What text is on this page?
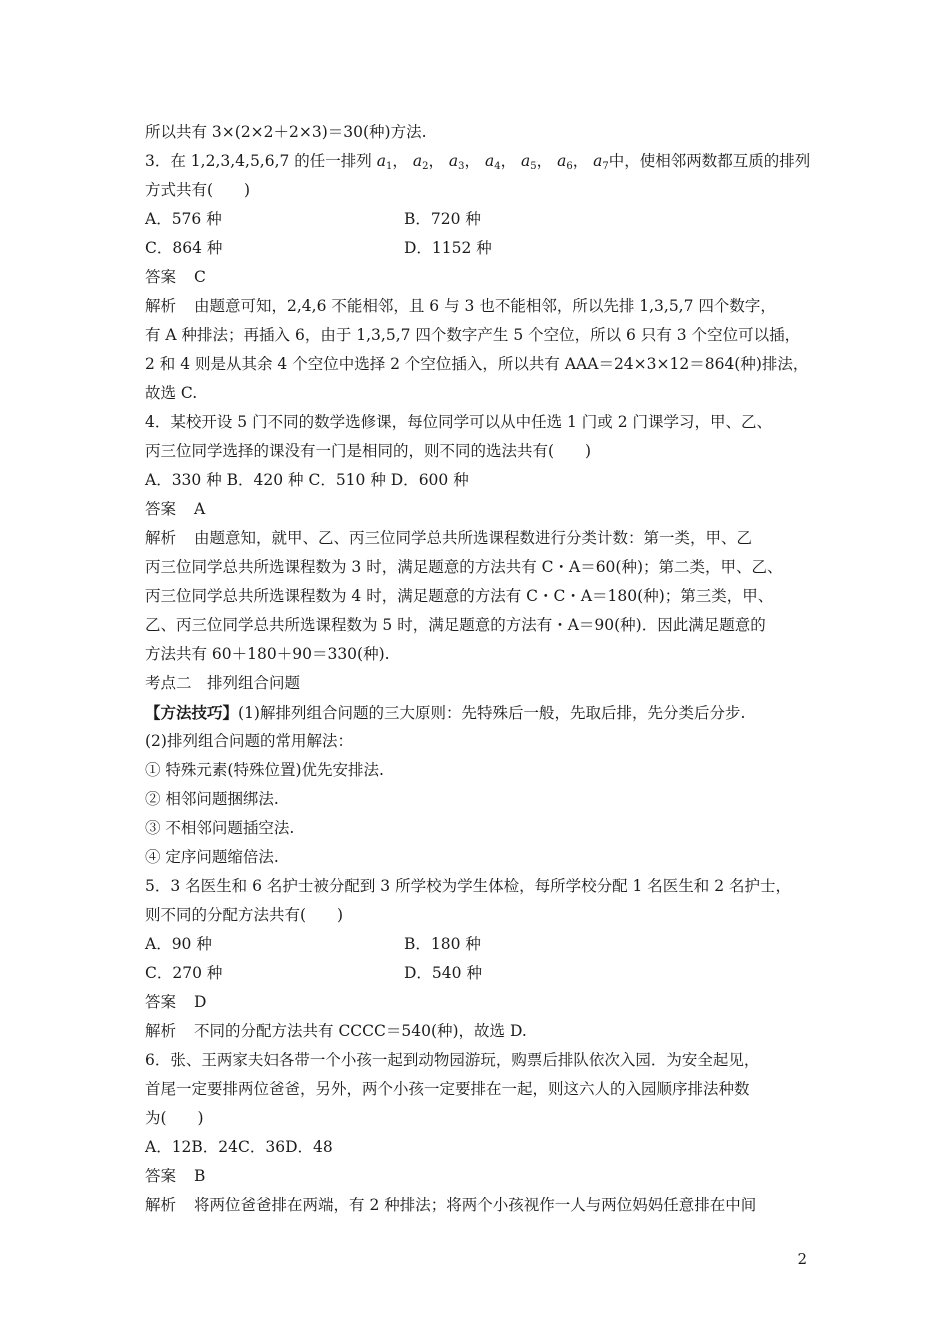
所以共有 3×(2×2＋2×3)＝30(种)方法.
3．在 1,2,3,4,5,6,7 的任一排列 $a_1$， $a_2$， $a_3$， $a_4$， $a_5$， $a_6$， $a_7$中，使相邻两数都互质的排列
方式共有(　　)
A．576 种	B．720 种
C．864 种	D．1152 种
答案 C
解析 由题意可知，2,4,6 不能相邻，且 6 与 3 也不能相邻，所以先排 1,3,5,7 四个数字，
有 A 种排法；再插入 6，由于 1,3,5,7 四个数字产生 5 个空位，所以 6 只有 3 个空位可以插，
2 和 4 则是从其余 4 个空位中选择 2 个空位插入，所以共有 AAA＝24×3×12＝864(种)排法，
故选 C.
4．某校开设 5 门不同的数学选修课，每位同学可以从中任选 1 门或 2 门课学习，甲、乙、
丙三位同学选择的课没有一门是相同的，则不同的选法共有(　　)
A．330 种 B．420 种 C．510 种 D．600 种
答案 A
解析 由题意知，就甲、乙、丙三位同学总共所选课程数进行分类计数：第一类，甲、乙
丙三位同学总共所选课程数为 3 时，满足题意的方法共有 C・A＝60(种)；第二类，甲、乙、
丙三位同学总共所选课程数为 4 时，满足题意的方法有 C・C・A＝180(种)；第三类，甲、
乙、丙三位同学总共所选课程数为 5 时，满足题意的方法有・A＝90(种)．因此满足题意的
方法共有 60＋180＋90＝330(种).
考点二　排列组合问题
【方法技巧】(1)解排列组合问题的三大原则：先特殊后一般，先取后排，先分类后分步.
(2)排列组合问题的常用解法：
① 特殊元素(特殊位置)优先安排法.
② 相邻问题捆绑法.
③ 不相邻问题插空法.
④ 定序问题缩倍法.
5．3 名医生和 6 名护士被分配到 3 所学校为学生体检，每所学校分配 1 名医生和 2 名护士，
则不同的分配方法共有(　　)
A．90 种	B．180 种
C．270 种	D．540 种
答案 D
解析 不同的分配方法共有 CCCC＝540(种)，故选 D.
6．张、王两家夫妇各带一个小孩一起到动物园游玩，购票后排队依次入园．为安全起见，
首尾一定要排两位爸爸，另外，两个小孩一定要排在一起，则这六人的入园顺序排法种数
为(　　)
A．12B．24C．36D．48
答案 B
解析 将两位爸爸排在两端，有 2 种排法；将两个小孩视作一人与两位妈妈任意排在中间
2
